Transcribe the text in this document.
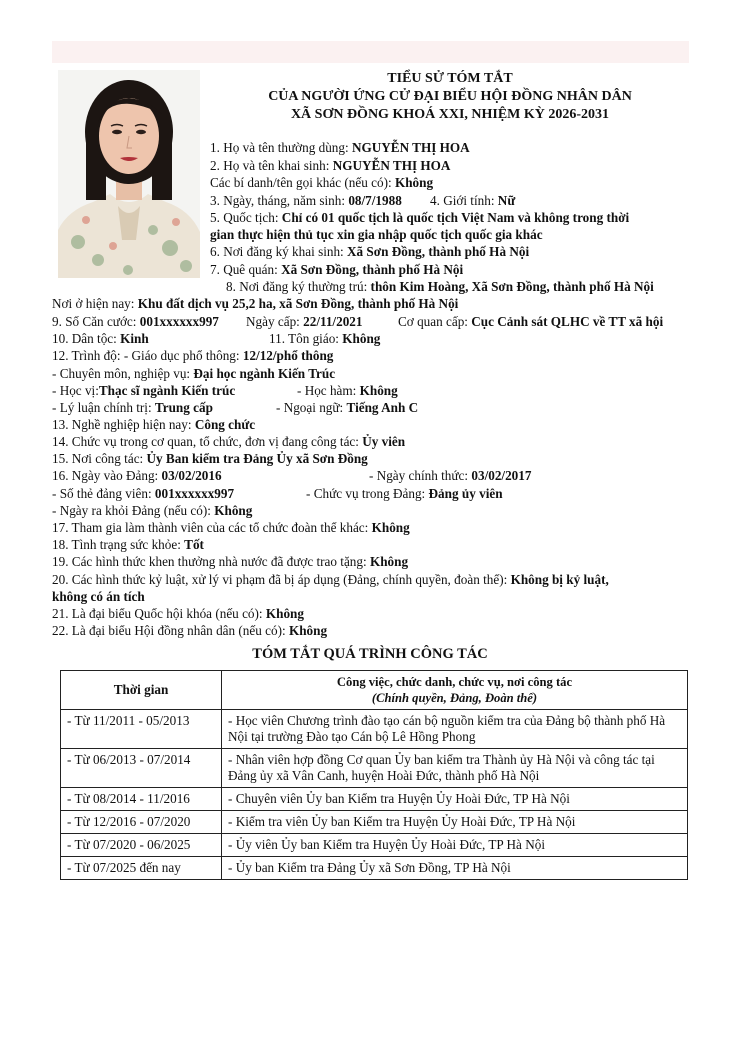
TIỂU SỬ TÓM TẮT
CỦA NGƯỜI ỨNG CỬ ĐẠI BIỂU HỘI ĐỒNG NHÂN DÂN
XÃ SƠN ĐỒNG KHOÁ XXI, NHIỆM KỲ 2026-2031
1. Họ và tên thường dùng: NGUYỄN THỊ HOA
2. Họ và tên khai sinh: NGUYỄN THỊ HOA
Các bí danh/tên gọi khác (nếu có): Không
3. Ngày, tháng, năm sinh: 08/7/1988 4. Giới tính: Nữ
5. Quốc tịch: Chỉ có 01 quốc tịch là quốc tịch Việt Nam và không trong thời
gian thực hiện thủ tục xin gia nhập quốc tịch quốc gia khác
6. Nơi đăng ký khai sinh: Xã Sơn Đồng, thành phố Hà Nội
7. Quê quán: Xã Sơn Đồng, thành phố Hà Nội
8. Nơi đăng ký thường trú: thôn Kim Hoàng, Xã Sơn Đồng, thành phố Hà Nội
Nơi ở hiện nay: Khu đất dịch vụ 25,2 ha, xã Sơn Đồng, thành phố Hà Nội
9. Số Căn cước: 001xxxxxx997 Ngày cấp: 22/11/2021	Cơ quan cấp: Cục Cảnh sát QLHC về TT xã hội
10. Dân tộc: Kinh	11. Tôn giáo: Không
12. Trình độ: - Giáo dục phổ thông: 12/12/phổ thông
- Chuyên môn, nghiệp vụ: Đại học ngành Kiến Trúc
- Học vị:Thạc sĩ ngành Kiến trúc	- Học hàm: Không
- Lý luận chính trị: Trung cấp	- Ngoại ngữ: Tiếng Anh C
13. Nghề nghiệp hiện nay: Công chức
14. Chức vụ trong cơ quan, tổ chức, đơn vị đang công tác: Ủy viên
15. Nơi công tác: Ủy Ban kiểm tra Đảng Ủy xã Sơn Đồng
16. Ngày vào Đảng: 03/02/2016	- Ngày chính thức: 03/02/2017
- Số thẻ đảng viên: 001xxxxxx997	- Chức vụ trong Đảng: Đảng ủy viên
- Ngày ra khỏi Đảng (nếu có): Không
17. Tham gia làm thành viên của các tổ chức đoàn thể khác: Không
18. Tình trạng sức khỏe: Tốt
19. Các hình thức khen thưởng nhà nước đã được trao tặng: Không
20. Các hình thức kỷ luật, xử lý vi phạm đã bị áp dụng (Đảng, chính quyền, đoàn thể): Không bị kỷ luật,
không có án tích
21. Là đại biểu Quốc hội khóa (nếu có): Không
22. Là đại biểu Hội đồng nhân dân (nếu có): Không
TÓM TẮT QUÁ TRÌNH CÔNG TÁC
Thời gian	Công việc, chức danh, chức vụ, nơi công tác
(Chính quyền, Đảng, Đoàn thể)
- Từ 11/2011 - 05/2013	- Học viên Chương trình đào tạo cán bộ nguồn kiểm tra của Đảng bộ thành phố Hà Nội tại trường Đào tạo Cán bộ Lê Hồng Phong
- Từ 06/2013 - 07/2014	- Nhân viên hợp đồng Cơ quan Ủy ban kiểm tra Thành ủy Hà Nội và công tác tại Đảng ủy xã Vân Canh, huyện Hoài Đức, thành phố Hà Nội
- Từ 08/2014 - 11/2016	- Chuyên viên Ủy ban Kiểm tra Huyện Ủy Hoài Đức, TP Hà Nội
- Từ 12/2016 - 07/2020	- Kiểm tra viên Ủy ban Kiểm tra Huyện Ủy Hoài Đức, TP Hà Nội
- Từ 07/2020 - 06/2025	- Ủy viên Ủy ban Kiểm tra Huyện Ủy Hoài Đức, TP Hà Nội
- Từ 07/2025 đến nay	- Ủy ban Kiểm tra Đảng Ủy xã Sơn Đồng, TP Hà Nội
